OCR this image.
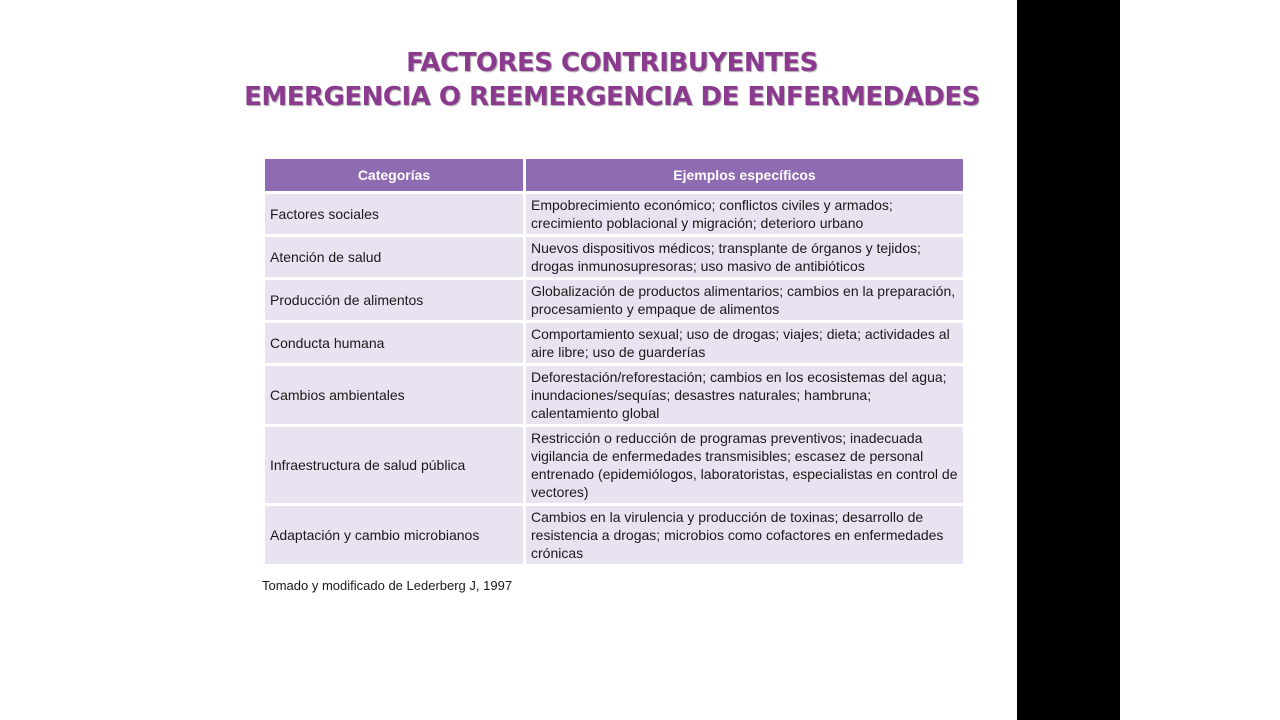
FACTORES CONTRIBUYENTES
EMERGENCIA O REEMERGENCIA DE ENFERMEDADES
Categorías	Ejemplos específicos
Factores sociales	Empobrecimiento económico; conflictos civiles y armados; crecimiento poblacional y migración; deterioro urbano
Atención de salud	Nuevos dispositivos médicos; transplante de órganos y tejidos; drogas inmunosupresoras; uso masivo de antibióticos
Producción de alimentos	Globalización de productos alimentarios; cambios en la preparación, procesamiento y empaque de alimentos
Conducta humana	Comportamiento sexual; uso de drogas; viajes; dieta; actividades al aire libre; uso de guarderías
Cambios ambientales	Deforestación/reforestación; cambios en los ecosistemas del agua; inundaciones/sequías; desastres naturales; hambruna; calentamiento global
Infraestructura de salud pública	Restricción o reducción de programas preventivos; inadecuada vigilancia de enfermedades transmisibles; escasez de personal entrenado (epidemiólogos, laboratoristas, especialistas en control de vectores)
Adaptación y cambio microbianos	Cambios en la virulencia y producción de toxinas; desarrollo de resistencia a drogas; microbios como cofactores en enfermedades crónicas
Tomado y modificado de Lederberg J, 1997
